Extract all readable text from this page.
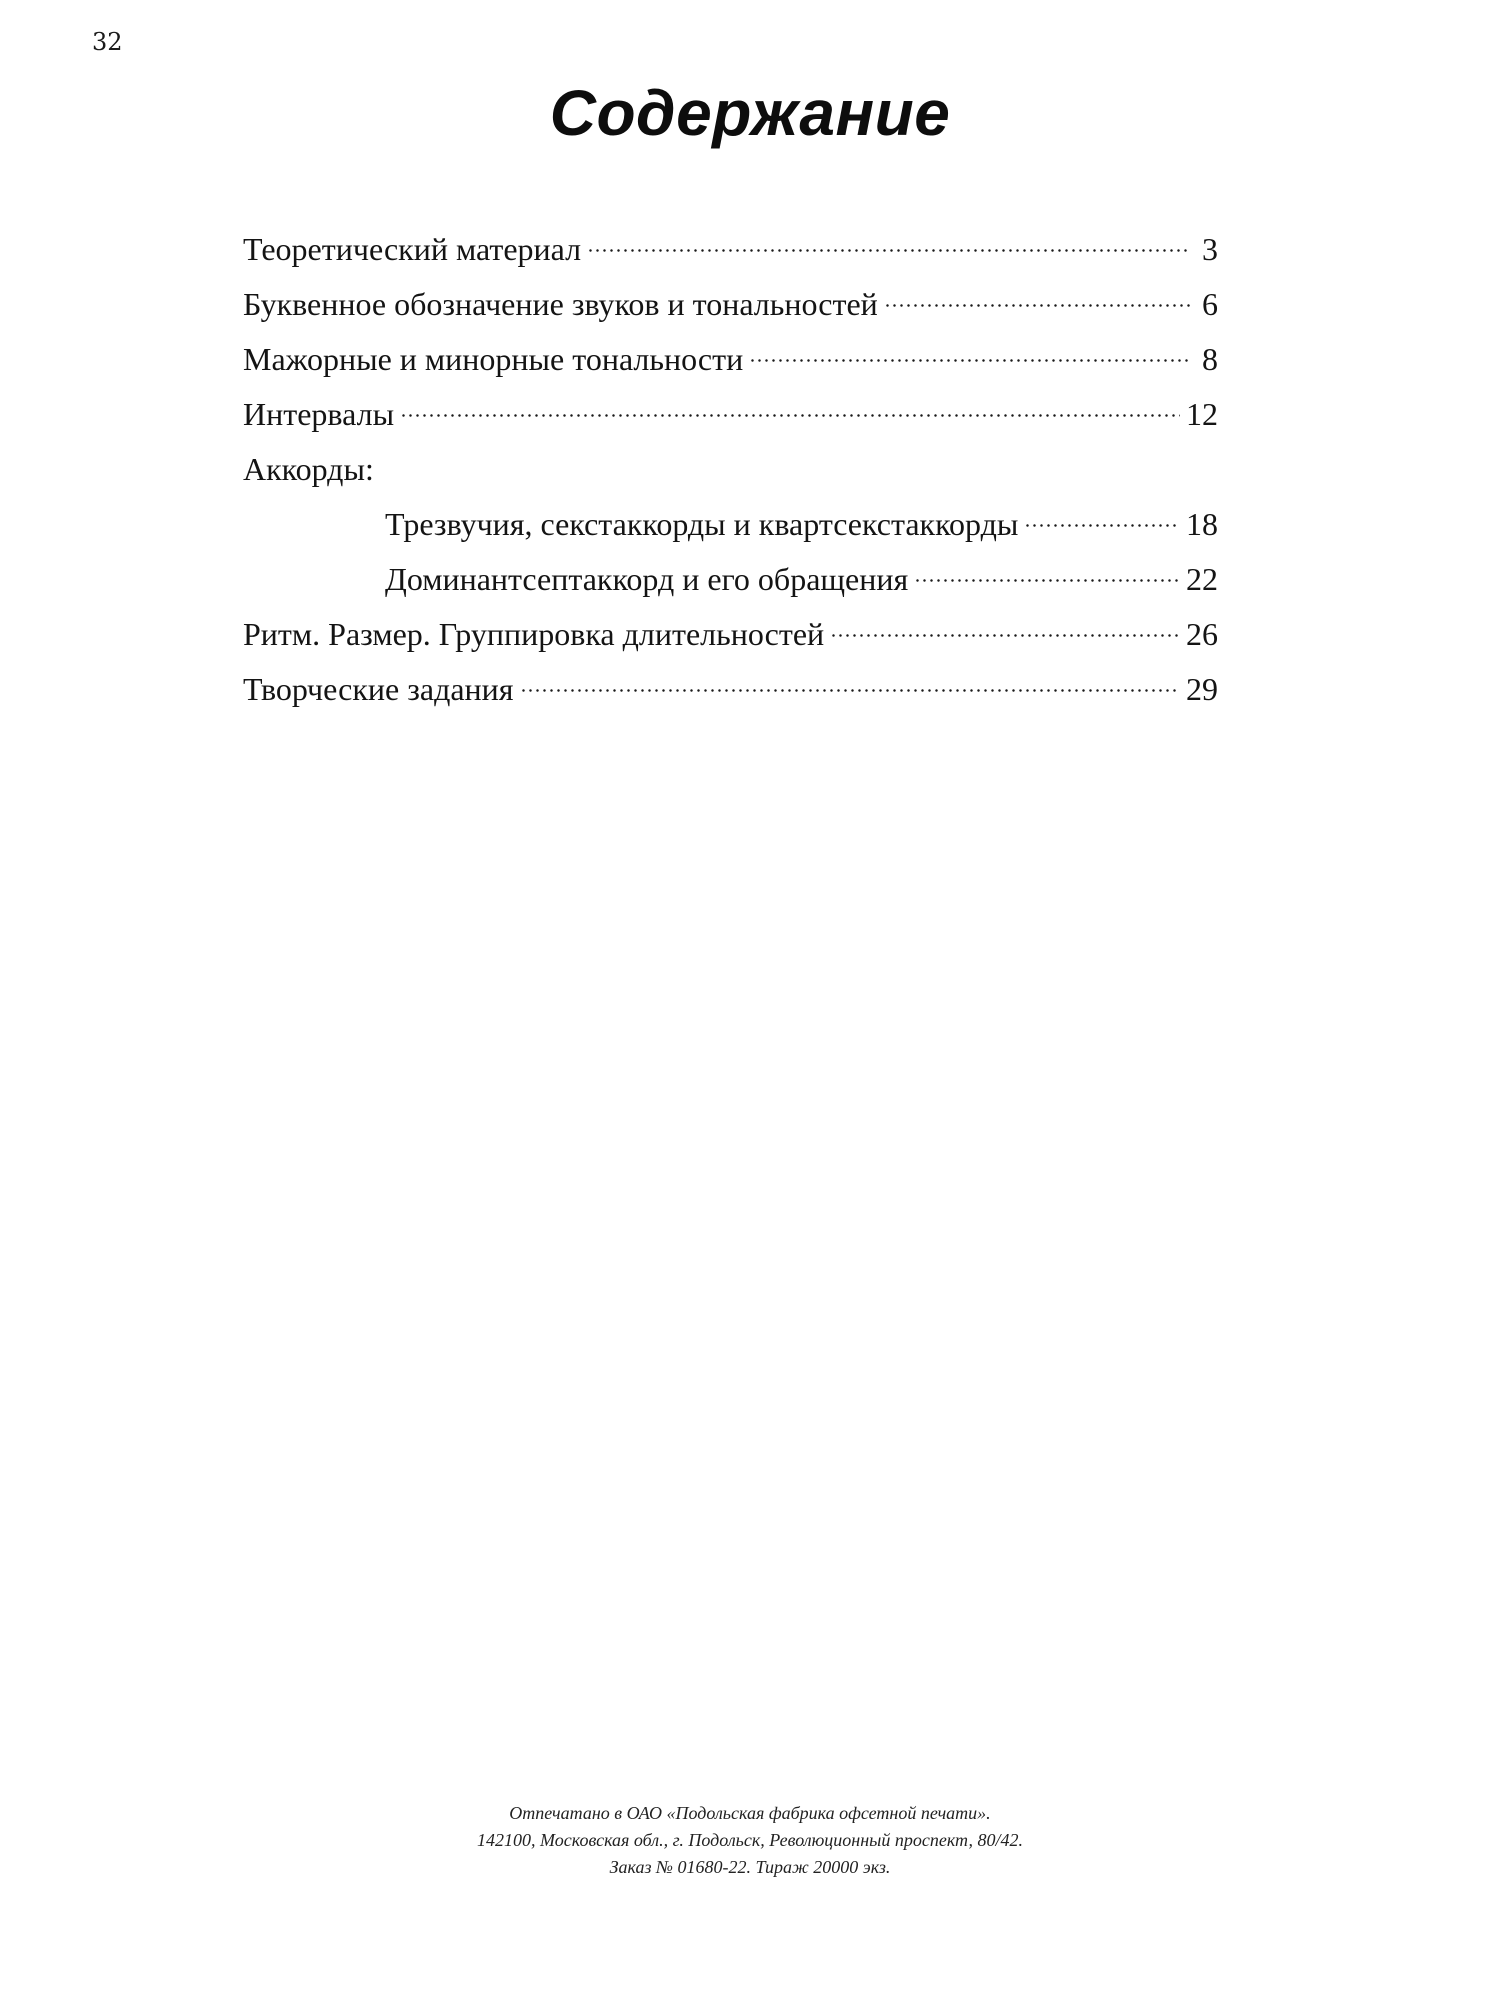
32
Содержание
Теоретический материал	3
Буквенное обозначение звуков и тональностей	6
Мажорные и минорные тональности	8
Интервалы	12
Аккорды:
Трезвучия, секстаккорды и квартсекстаккорды	18
Доминантсептаккорд и его обращения	22
Ритм. Размер. Группировка длительностей	26
Творческие задания	29
Отпечатано в ОАО «Подольская фабрика офсетной печати».
142100, Московская обл., г. Подольск, Революционный проспект, 80/42.
Заказ № 01680-22. Тираж 20000 экз.
